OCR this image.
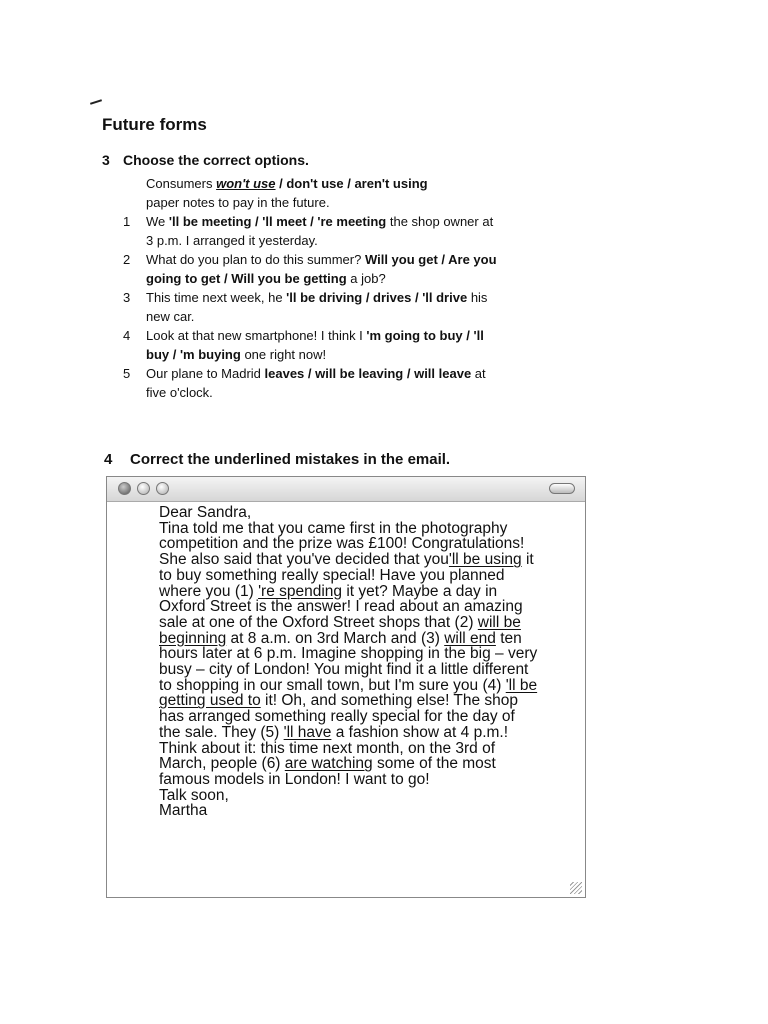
Future forms
3 Choose the correct options.
Consumers won't use / don't use / aren't using
paper notes to pay in the future.
1 We 'll be meeting / 'll meet / 're meeting the shop owner at 3 p.m. I arranged it yesterday.
2 What do you plan to do this summer? Will you get / Are you going to get / Will you be getting a job?
3 This time next week, he 'll be driving / drives / 'll drive his new car.
4 Look at that new smartphone! I think I 'm going to buy / 'll buy / 'm buying one right now!
5 Our plane to Madrid leaves / will be leaving / will leave at five o'clock.
4 Correct the underlined mistakes in the email.
Dear Sandra,
Tina told me that you came first in the photography competition and the prize was £100! Congratulations! She also said that you've decided that you'll be using it to buy something really special! Have you planned where you (1) 're spending it yet? Maybe a day in Oxford Street is the answer! I read about an amazing sale at one of the Oxford Street shops that (2) will be beginning at 8 a.m. on 3rd March and (3) will end ten hours later at 6 p.m. Imagine shopping in the big – very busy – city of London! You might find it a little different to shopping in our small town, but I'm sure you (4) 'll be getting used to it! Oh, and something else! The shop has arranged something really special for the day of the sale. They (5) 'll have a fashion show at 4 p.m.! Think about it: this time next month, on the 3rd of March, people (6) are watching some of the most famous models in London! I want to go!
Talk soon,
Martha
